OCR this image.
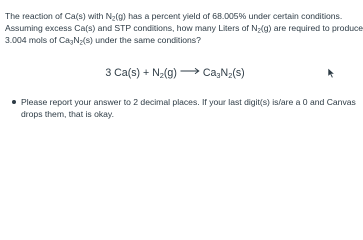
The reaction of Ca(s) with $N_2(g)$ has a percent yield of 68.005% under certain conditions.
Assuming excess Ca(s) and STP conditions, how many Liters of $N_2(g)$ are required to produce
3.004 mols of $Ca_3N_2(s)$ under the same conditions?
3 $Ca(s) + N_2(g)$ $Ca_3N_2(s)$
Please report your answer to 2 decimal places. If your last digit(s) is/are a 0 and Canvas
drops them, that is okay.
